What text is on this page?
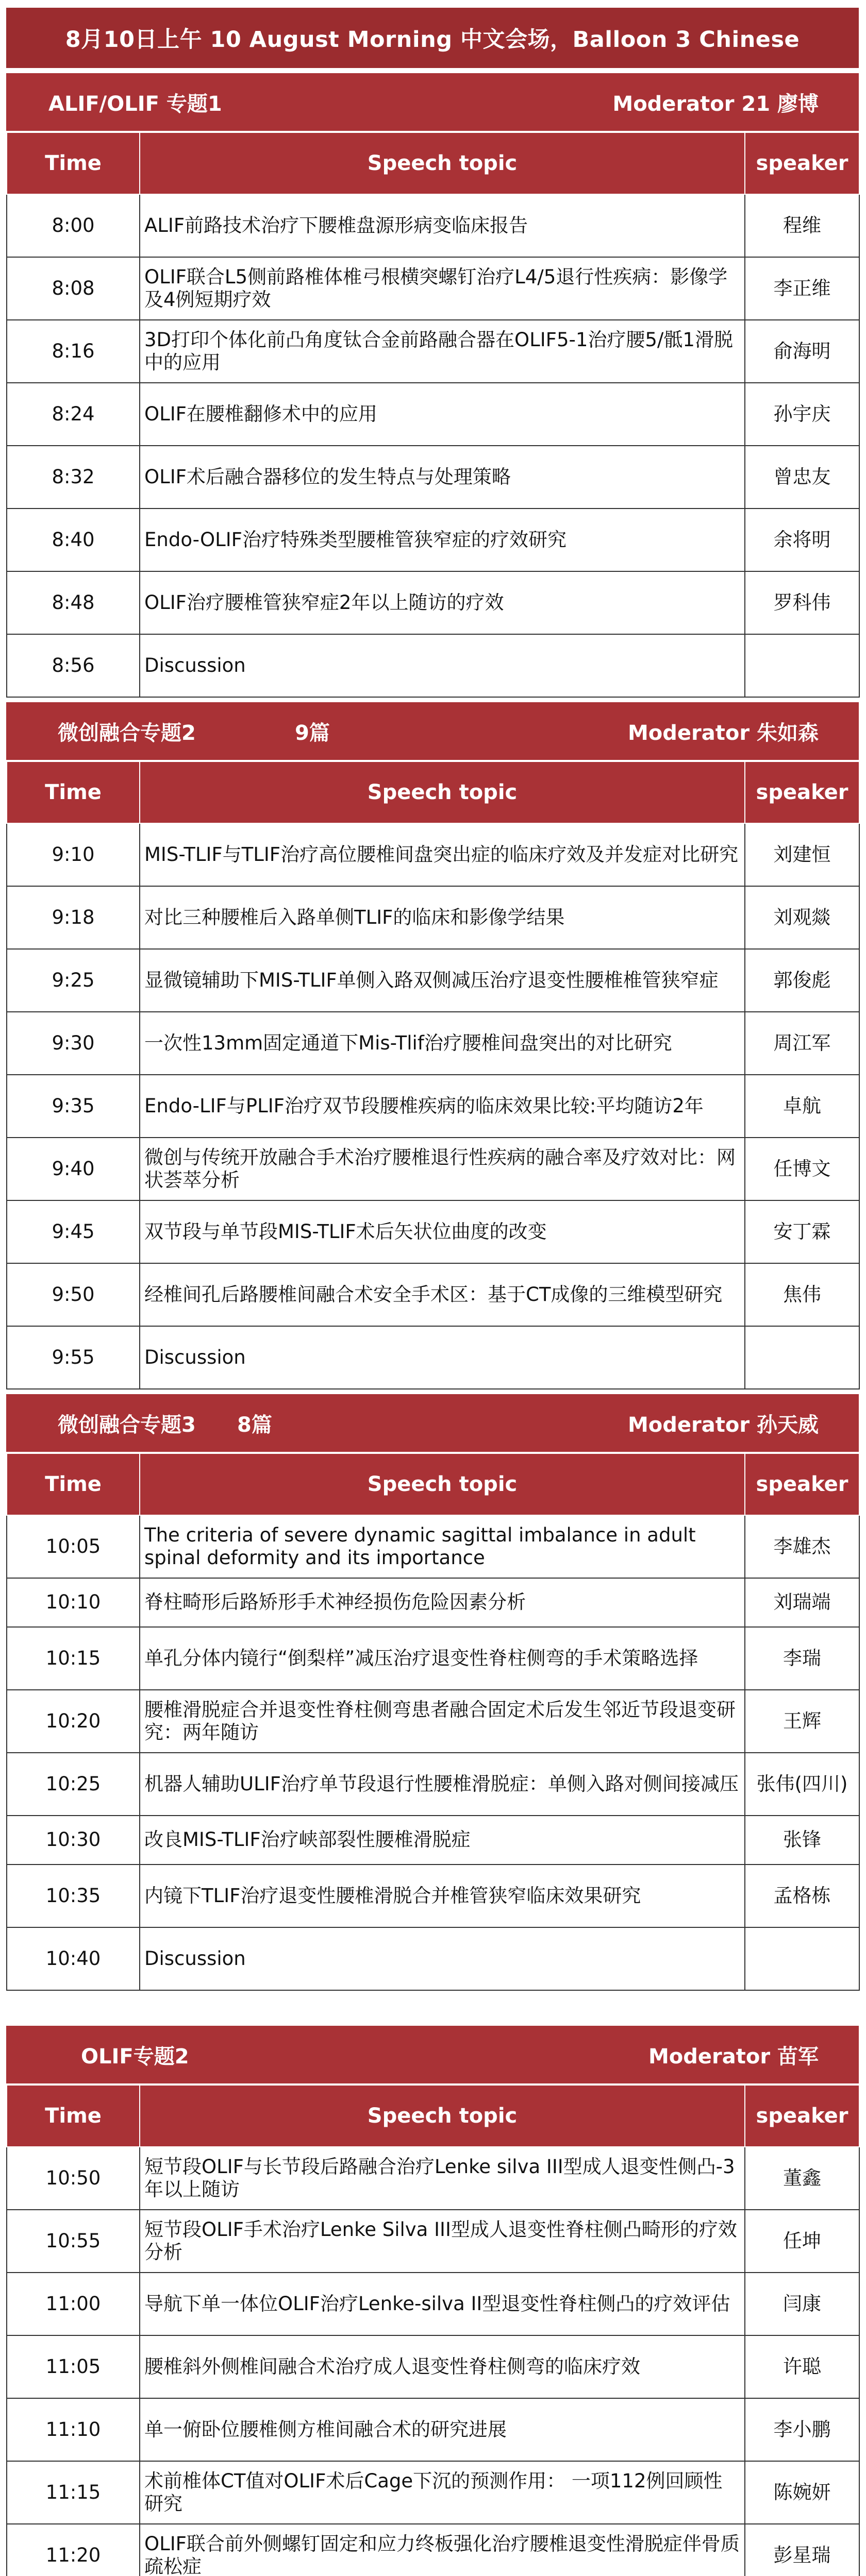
8月10日上午 10 August Morning 中文会场，Balloon 3 Chinese
ALIF/OLIF 专题1	Moderator 21 廖博
Time	Speech topic	speaker
8:00	ALIF前路技术治疗下腰椎盘源形病变临床报告	程维
8:08	OLIF联合L5侧前路椎体椎弓根横突螺钉治疗L4/5退行性疾病：影像学及4例短期疗效	李正维
8:16	3D打印个体化前凸角度钛合金前路融合器在OLIF5-1治疗腰5/骶1滑脱中的应用	俞海明
8:24	OLIF在腰椎翻修术中的应用	孙宇庆
8:32	OLIF术后融合器移位的发生特点与处理策略	曾忠友
8:40	Endo-OLIF治疗特殊类型腰椎管狭窄症的疗效研究	余将明
8:48	OLIF治疗腰椎管狭窄症2年以上随访的疗效	罗科伟
8:56	Discussion	
微创融合专题2	9篇	Moderator 朱如森
Time	Speech topic	speaker
9:10	MIS-TLIF与TLIF治疗高位腰椎间盘突出症的临床疗效及并发症对比研究	刘建恒
9:18	对比三种腰椎后入路单侧TLIF的临床和影像学结果	刘观燚
9:25	显微镜辅助下MIS-TLIF单侧入路双侧减压治疗退变性腰椎椎管狭窄症	郭俊彪
9:30	一次性13mm固定通道下Mis-Tlif治疗腰椎间盘突出的对比研究	周江军
9:35	Endo-LIF与PLIF治疗双节段腰椎疾病的临床效果比较:平均随访2年	卓航
9:40	微创与传统开放融合手术治疗腰椎退行性疾病的融合率及疗效对比：网状荟萃分析	任博文
9:45	双节段与单节段MIS-TLIF术后矢状位曲度的改变	安丁霖
9:50	经椎间孔后路腰椎间融合术安全手术区：基于CT成像的三维模型研究	焦伟
9:55	Discussion	
微创融合专题3 8篇	Moderator 孙天威
Time	Speech topic	speaker
10:05	The criteria of severe dynamic sagittal imbalance in adult spinal deformity and its importance	李雄杰
10:10	脊柱畸形后路矫形手术神经损伤危险因素分析	刘瑞端
10:15	单孔分体内镜行“倒梨样”减压治疗退变性脊柱侧弯的手术策略选择	李瑞
10:20	腰椎滑脱症合并退变性脊柱侧弯患者融合固定术后发生邻近节段退变研究：两年随访	王辉
10:25	机器人辅助ULIF治疗单节段退行性腰椎滑脱症：单侧入路对侧间接减压	张伟(四川)
10:30	改良MIS-TLIF治疗峡部裂性腰椎滑脱症	张锋
10:35	内镜下TLIF治疗退变性腰椎滑脱合并椎管狭窄临床效果研究	孟格栋
10:40	Discussion	
OLIF专题2	Moderator 苗军
Time	Speech topic	speaker
10:50	短节段OLIF与长节段后路融合治疗Lenke silva III型成人退变性侧凸-3年以上随访	董鑫
10:55	短节段OLIF手术治疗Lenke Silva III型成人退变性脊柱侧凸畸形的疗效分析	任坤
11:00	导航下单一体位OLIF治疗Lenke-silva II型退变性脊柱侧凸的疗效评估	闫康
11:05	腰椎斜外侧椎间融合术治疗成人退变性脊柱侧弯的临床疗效	许聪
11:10	单一俯卧位腰椎侧方椎间融合术的研究进展	李小鹏
11:15	术前椎体CT值对OLIF术后Cage下沉的预测作用： 一项112例回顾性研究	陈婉妍
11:20	OLIF联合前外侧螺钉固定和应力终板强化治疗腰椎退变性滑脱症伴骨质疏松症	彭星瑞
